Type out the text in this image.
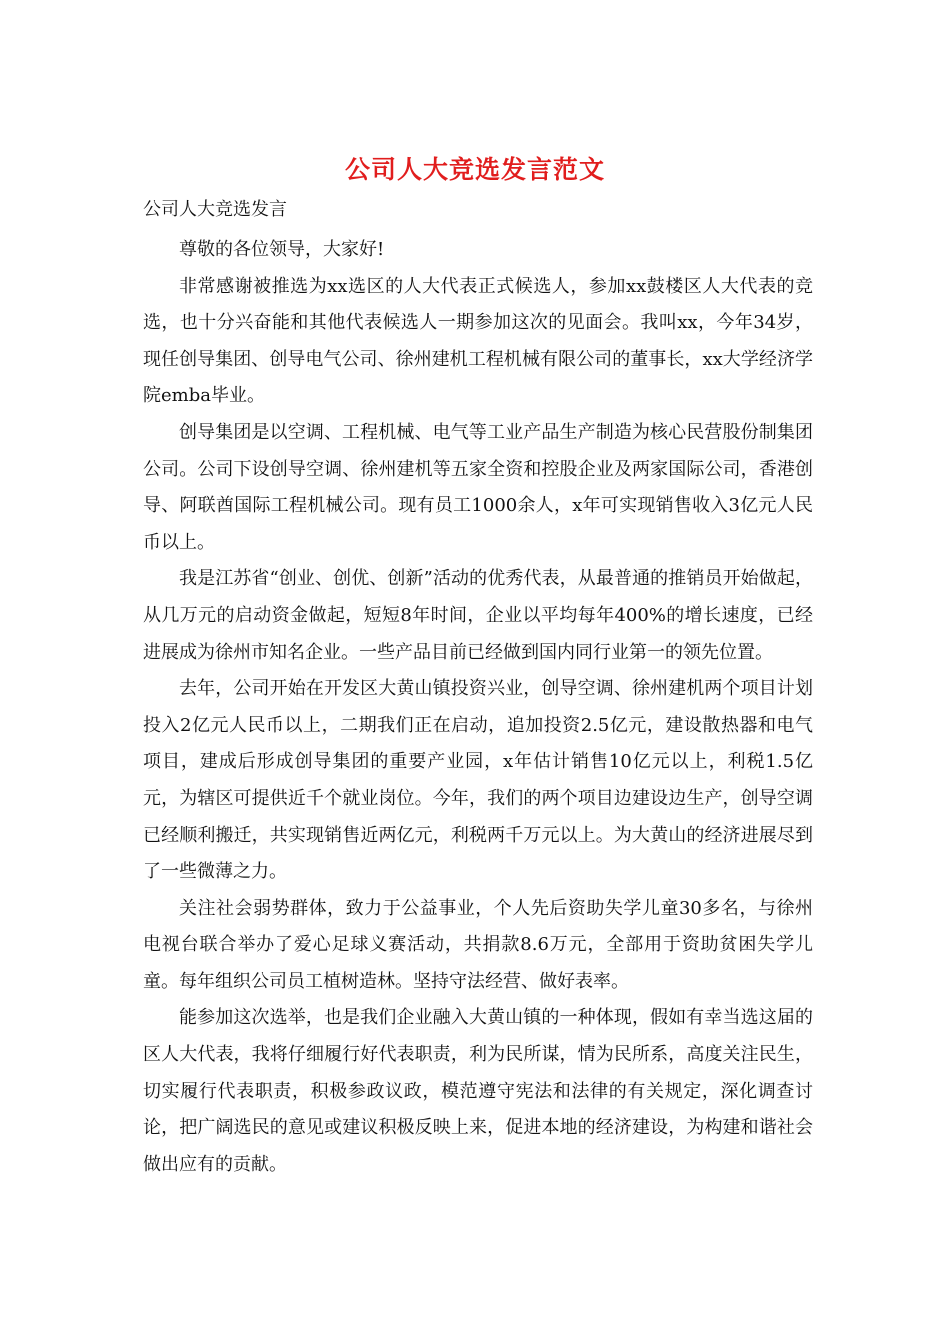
公司人大竞选发言范文
公司人大竞选发言

尊敬的各位领导，大家好!

非常感谢被推选为xx选区的人大代表正式候选人，参加xx鼓楼区人大代表的竞选，也十分兴奋能和其他代表候选人一期参加这次的见面会。我叫xx，今年34岁，现任创导集团、创导电气公司、徐州建机工程机械有限公司的董事长，xx大学经济学院emba毕业。

创导集团是以空调、工程机械、电气等工业产品生产制造为核心民营股份制集团公司。公司下设创导空调、徐州建机等五家全资和控股企业及两家国际公司，香港创导、阿联酋国际工程机械公司。现有员工1000余人，x年可实现销售收入3亿元人民币以上。

我是江苏省“创业、创优、创新”活动的优秀代表，从最普通的推销员开始做起，从几万元的启动资金做起，短短8年时间，企业以平均每年400%的增长速度，已经进展成为徐州市知名企业。一些产品目前已经做到国内同行业第一的领先位置。

去年，公司开始在开发区大黄山镇投资兴业，创导空调、徐州建机两个项目计划投入2亿元人民币以上，二期我们正在启动，追加投资2.5亿元，建设散热器和电气项目，建成后形成创导集团的重要产业园，x年估计销售10亿元以上，利税1.5亿元，为辖区可提供近千个就业岗位。今年，我们的两个项目边建设边生产，创导空调已经顺利搬迁，共实现销售近两亿元，利税两千万元以上。为大黄山的经济进展尽到了一些微薄之力。

关注社会弱势群体，致力于公益事业，个人先后资助失学儿童30多名，与徐州电视台联合举办了爱心足球义赛活动，共捐款8.6万元，全部用于资助贫困失学儿童。每年组织公司员工植树造林。坚持守法经营、做好表率。

能参加这次选举，也是我们企业融入大黄山镇的一种体现，假如有幸当选这届的区人大代表，我将仔细履行好代表职责，利为民所谋，情为民所系，高度关注民生，切实履行代表职责，积极参政议政，模范遵守宪法和法律的有关规定，深化调查讨论，把广阔选民的意见或建议积极反映上来，促进本地的经济建设，为构建和谐社会做出应有的贡献。
